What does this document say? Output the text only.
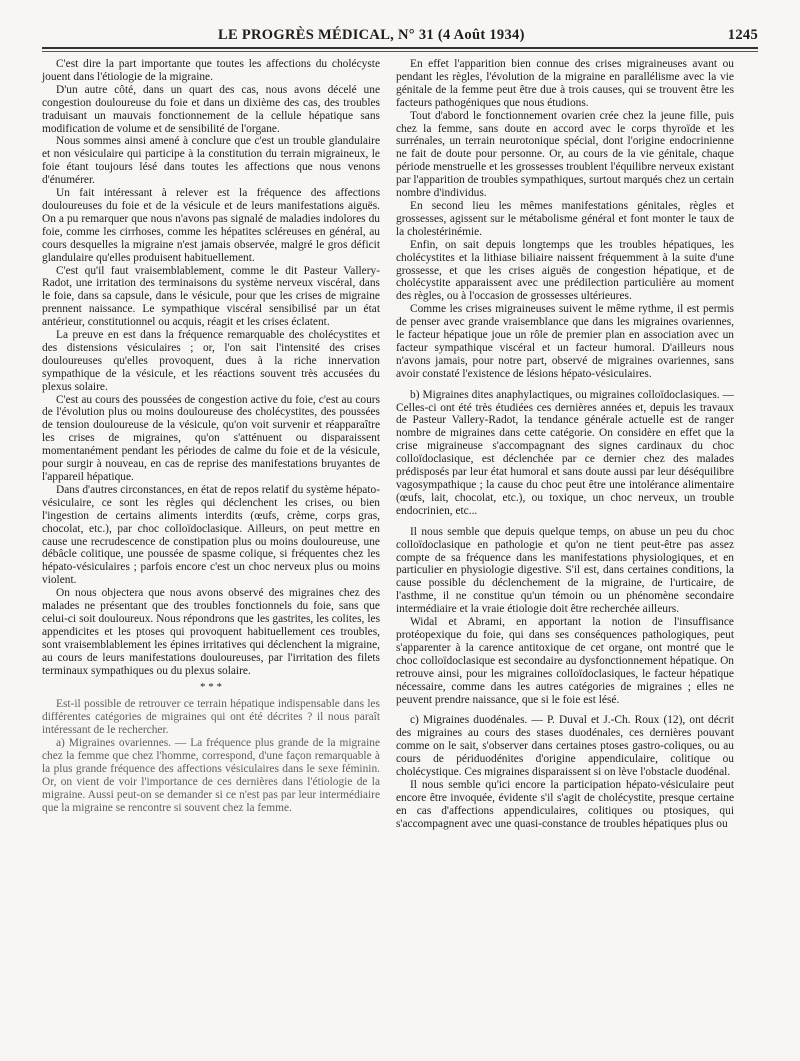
LE PROGRÈS MÉDICAL, N° 31 (4 Août 1934)	1245

C'est dire la part importante que toutes les affections du cholécyste jouent dans l'étiologie de la migraine.

D'un autre côté, dans un quart des cas, nous avons décelé une congestion douloureuse du foie et dans un dixième des cas, des troubles traduisant un mauvais fonctionnement de la cellule hépatique sans modification de volume et de sensibilité de l'organe.

Nous sommes ainsi amené à conclure que c'est un trouble glandulaire et non vésiculaire qui participe à la constitution du terrain migraineux, le foie étant toujours lésé dans toutes les affections que nous venons d'énumérer.

Un fait intéressant à relever est la fréquence des affections douloureuses du foie et de la vésicule et de leurs manifestations aiguës. On a pu remarquer que nous n'avons pas signalé de maladies indolores du foie, comme les cirrhoses, comme les hépatites scléreuses en général, au cours desquelles la migraine n'est jamais observée, malgré le gros déficit glandulaire qu'elles produisent habituellement.

C'est qu'il faut vraisemblablement, comme le dit Pasteur Vallery-Radot, une irritation des terminaisons du système nerveux viscéral, dans le foie, dans sa capsule, dans le vésicule, pour que les crises de migraine prennent naissance. Le sympathique viscéral sensibilisé par un état antérieur, constitutionnel ou acquis, réagit et les crises éclatent.

La preuve en est dans la fréquence remarquable des cholécystites et des distensions vésiculaires ; or, l'on sait l'intensité des crises douloureuses qu'elles provoquent, dues à la riche innervation sympathique de la vésicule, et les réactions souvent très accusées du plexus solaire.

C'est au cours des poussées de congestion active du foie, c'est au cours de l'évolution plus ou moins douloureuse des cholécystites, des poussées de tension douloureuse de la vésicule, qu'on voit survenir et réapparaître les crises de migraines, qu'on s'atténuent ou disparaissent momentanément pendant les périodes de calme du foie et de la vésicule, pour surgir à nouveau, en cas de reprise des manifestations bruyantes de l'appareil hépatique.

Dans d'autres circonstances, en état de repos relatif du système hépato-vésiculaire, ce sont les règles qui déclenchent les crises, ou bien l'ingestion de certains aliments interdits (œufs, crème, corps gras, chocolat, etc.), par choc colloïdoclasique. Ailleurs, on peut mettre en cause une recrudescence de constipation plus ou moins douloureuse, une débâcle colitique, une poussée de spasme colique, si fréquentes chez les hépato-vésiculaires ; parfois encore c'est un choc nerveux plus ou moins violent.

On nous objectera que nous avons observé des migraines chez des malades ne présentant que des troubles fonctionnels du foie, sans que celui-ci soit douloureux. Nous répondrons que les gastrites, les colites, les appendicites et les ptoses qui provoquent habituellement ces troubles, sont vraisemblablement les épines irritatives qui déclenchent la migraine, au cours de leurs manifestations douloureuses, par l'irritation des filets terminaux sympathiques ou du plexus solaire.

* * *

Est-il possible de retrouver ce terrain hépatique indispensable dans les différentes catégories de migraines qui ont été décrites ? il nous paraît intéressant de le rechercher.

a) Migraines ovariennes. — La fréquence plus grande de la migraine chez la femme que chez l'homme, correspond, d'une façon remarquable à la plus grande fréquence des affections vésiculaires dans le sexe féminin. Or, on vient de voir l'importance de ces dernières dans l'étiologie de la migraine. Aussi peut-on se demander si ce n'est pas par leur intermédiaire que la migraine se rencontre si souvent chez la femme.

En effet l'apparition bien connue des crises migraineuses avant ou pendant les règles, l'évolution de la migraine en parallélisme avec la vie génitale de la femme peut être due à trois causes, qui se trouvent être les facteurs pathogéniques que nous étudions.

Tout d'abord le fonctionnement ovarien crée chez la jeune fille, puis chez la femme, sans doute en accord avec le corps thyroïde et les surrénales, un terrain neurotonique spécial, dont l'origine endocrinienne ne fait de doute pour personne. Or, au cours de la vie génitale, chaque période menstruelle et les grossesses troublent l'équilibre nerveux existant par l'apparition de troubles sympathiques, surtout marqués chez un certain nombre d'individus.

En second lieu les mêmes manifestations génitales, règles et grossesses, agissent sur le métabolisme général et font monter le taux de la cholestérinémie.

Enfin, on sait depuis longtemps que les troubles hépatiques, les cholécystites et la lithiase biliaire naissent fréquemment à la suite d'une grossesse, et que les crises aiguës de congestion hépatique, et de cholécystite apparaissent avec une prédilection particulière au moment des règles, ou à l'occasion de grossesses ultérieures.

Comme les crises migraineuses suivent le même rythme, il est permis de penser avec grande vraisemblance que dans les migraines ovariennes, le facteur hépatique joue un rôle de premier plan en association avec un facteur sympathique viscéral et un facteur humoral. D'ailleurs nous n'avons jamais, pour notre part, observé de migraines ovariennes, sans avoir constaté l'existence de lésions hépato-vésiculaires.

b) Migraines dites anaphylactiques, ou migraines colloïdoclasiques. — Celles-ci ont été très étudiées ces dernières années et, depuis les travaux de Pasteur Vallery-Radot, la tendance générale actuelle est de ranger nombre de migraines dans cette catégorie. On considère en effet que la crise migraineuse s'accompagnant des signes cardinaux du choc colloïdoclasique, est déclenchée par ce dernier chez des malades prédisposés par leur état humoral et sans doute aussi par leur déséquilibre vagosympathique ; la cause du choc peut être une intolérance alimentaire (œufs, lait, chocolat, etc.), ou toxique, un choc nerveux, un trouble endocrinien, etc...

Il nous semble que depuis quelque temps, on abuse un peu du choc colloïdoclasique en pathologie et qu'on ne tient peut-être pas assez compte de sa fréquence dans les manifestations physiologiques, et en particulier en physiologie digestive. S'il est, dans certaines conditions, la cause possible du déclenchement de la migraine, de l'urticaire, de l'asthme, il ne constitue qu'un témoin ou un phénomène secondaire intermédiaire et la vraie étiologie doit être recherchée ailleurs.

Widal et Abrami, en apportant la notion de l'insuffisance protéopexique du foie, qui dans ses conséquences pathologiques, peut s'apparenter à la carence antitoxique de cet organe, ont montré que le choc colloïdoclasique est secondaire au dysfonctionnement hépatique. On retrouve ainsi, pour les migraines colloïdoclasiques, le facteur hépatique nécessaire, comme dans les autres catégories de migraines ; elles ne peuvent prendre naissance, que si le foie est lésé.

c) Migraines duodénales. — P. Duval et J.-Ch. Roux (12), ont décrit des migraines au cours des stases duodénales, ces dernières pouvant comme on le sait, s'observer dans certaines ptoses gastro-coliques, ou au cours de périduodénites d'origine appendiculaire, colitique ou cholécystique. Ces migraines disparaissent si on lève l'obstacle duodénal.

Il nous semble qu'ici encore la participation hépato-vésiculaire peut encore être invoquée, évidente s'il s'agit de cholécystite, presque certaine en cas d'affections appendiculaires, colitiques ou ptosiques, qui s'accompagnent avec une quasi-constance de troubles hépatiques plus ou
